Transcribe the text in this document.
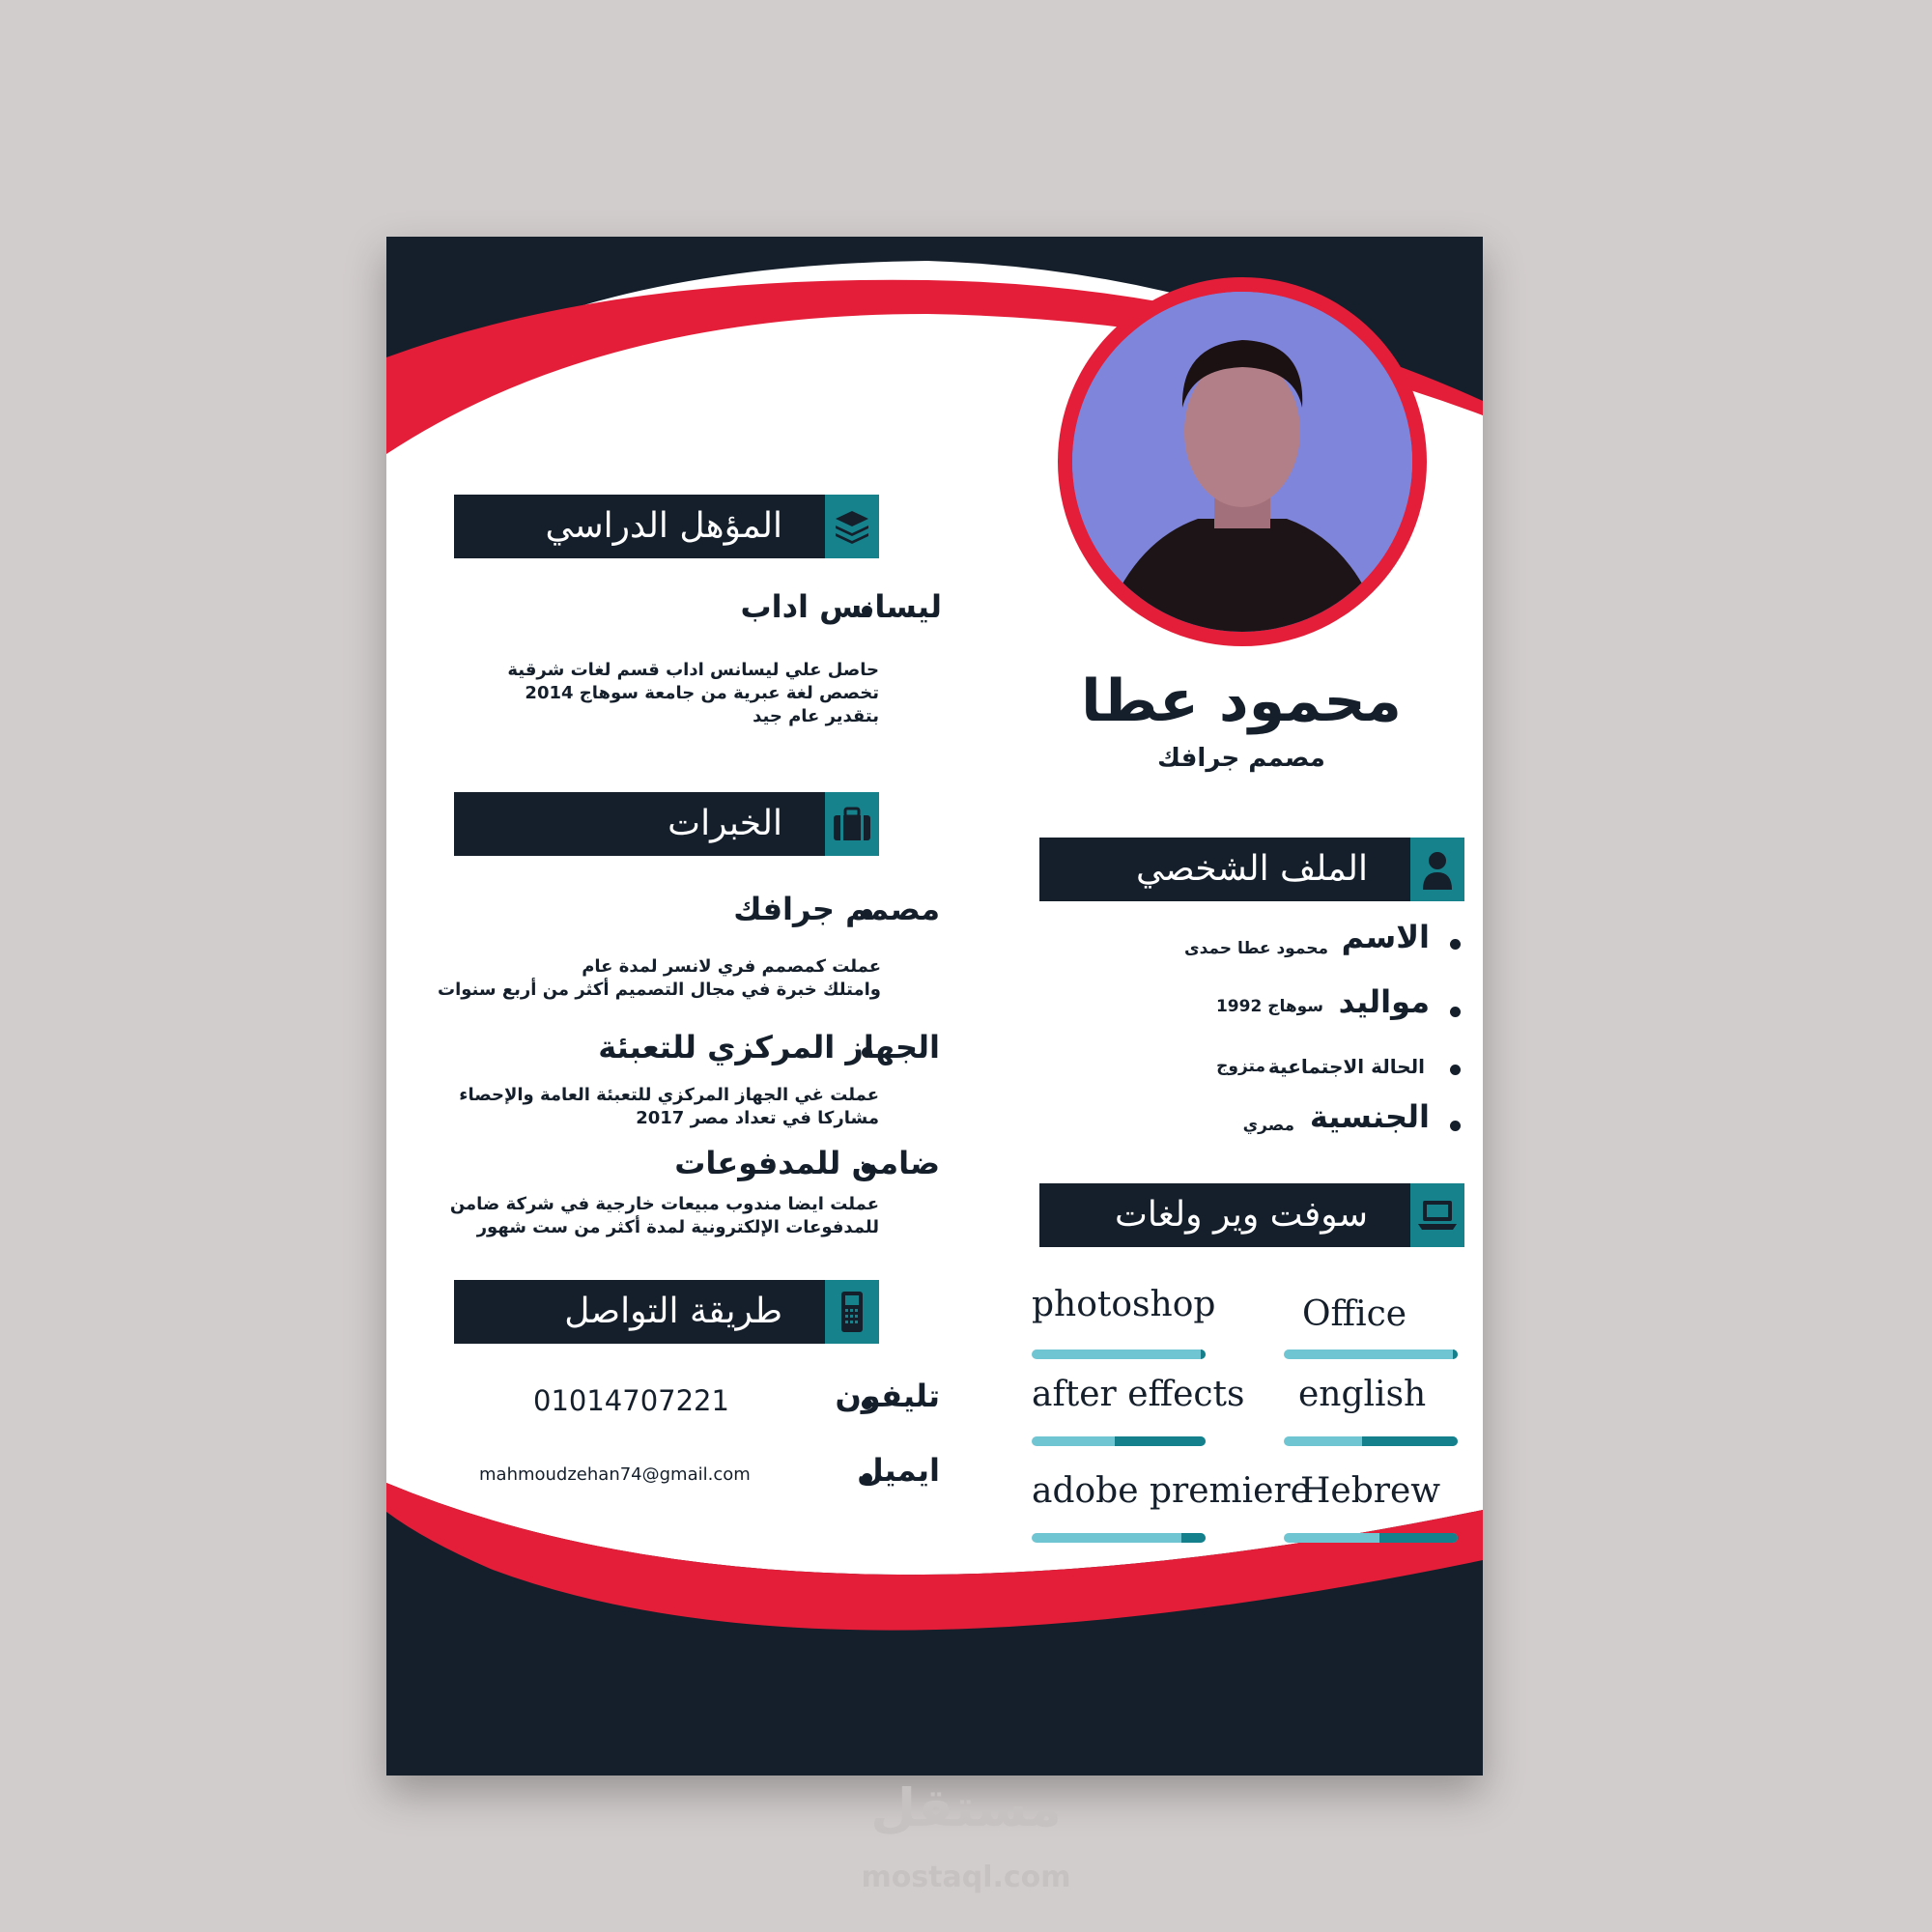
محمود عطا
مصمم جرافك
المؤهل الدراسي
ليسانس اداب
حاصل علي ليسانس اداب قسم لغات شرقية
تخصص لغة عبرية من جامعة سوهاج 2014
بتقدير عام جيد
الخبرات
مصمم جرافك
عملت كمصمم فري لانسر لمدة عام
وامتلك خبرة في مجال التصميم أكثر من أربع سنوات
الجهاز المركزي للتعبئة
عملت غي الجهاز المركزي للتعبئة العامة والإحصاء
مشاركا في تعداد مصر 2017
ضامن للمدفوعات
عملت ايضا مندوب مبيعات خارجية في شركة ضامن
للمدفوعات الإلكترونية لمدة أكثر من ست شهور
طريقة التواصل
تليفون
01014707221
ايميل
mahmoudzehan74@gmail.com
الملف الشخصي
الاسم
محمود عطا حمدى
مواليد
سوهاج 1992
الحالة الاجتماعية
متزوج
الجنسية
مصري
سوفت وير ولغات
photoshop Office
after effects english
adobe premiere
Hebrew
مستقل
mostaql.com
